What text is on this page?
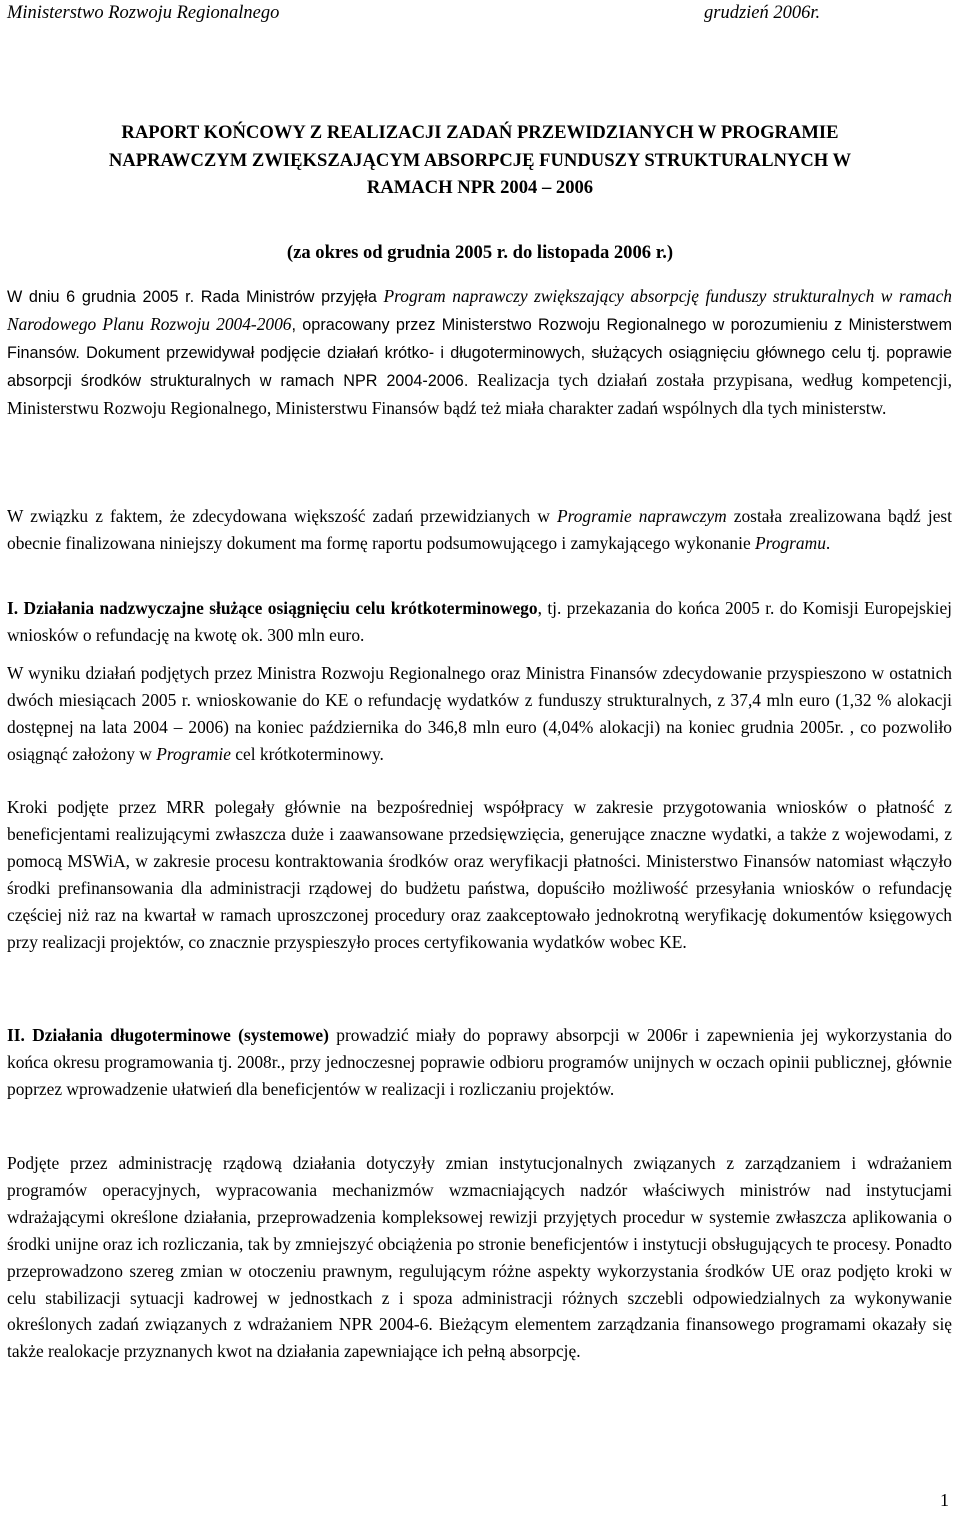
Ministerstwo Rozwoju Regionalnego	grudzień 2006r.
RAPORT KOŃCOWY Z REALIZACJI ZADAŃ PRZEWIDZIANYCH W PROGRAMIE
NAPRAWCZYM ZWIĘKSZAJĄCYM ABSORPCJĘ FUNDUSZY STRUKTURALNYCH W
RAMACH NPR 2004 – 2006
(za okres od grudnia 2005 r. do listopada 2006 r.)

W dniu 6 grudnia 2005 r. Rada Ministrów przyjęła Program naprawczy zwiększający absorpcję funduszy strukturalnych w ramach Narodowego Planu Rozwoju 2004-2006, opracowany przez Ministerstwo Rozwoju Regionalnego w porozumieniu z Ministerstwem Finansów. Dokument przewidywał podjęcie działań krótko- i długoterminowych, służących osiągnięciu głównego celu tj. poprawie absorpcji środków strukturalnych w ramach NPR 2004-2006. Realizacja tych działań została przypisana, według kompetencji, Ministerstwu Rozwoju Regionalnego, Ministerstwu Finansów bądź też miała charakter zadań wspólnych dla tych ministerstw.

W związku z faktem, że zdecydowana większość zadań przewidzianych w Programie naprawczym została zrealizowana bądź jest obecnie finalizowana niniejszy dokument ma formę raportu podsumowującego i zamykającego wykonanie Programu.

I. Działania nadzwyczajne służące osiągnięciu celu krótkoterminowego, tj. przekazania do końca 2005 r. do Komisji Europejskiej wniosków o refundację na kwotę ok. 300 mln euro.

W wyniku działań podjętych przez Ministra Rozwoju Regionalnego oraz Ministra Finansów zdecydowanie przyspieszono w ostatnich dwóch miesiącach 2005 r. wnioskowanie do KE o refundację wydatków z funduszy strukturalnych, z 37,4 mln euro (1,32 % alokacji dostępnej na lata 2004 – 2006) na koniec października do 346,8 mln euro (4,04% alokacji) na koniec grudnia 2005r. , co pozwoliło osiągnąć założony w Programie cel krótkoterminowy.

Kroki podjęte przez MRR polegały głównie na bezpośredniej współpracy w zakresie przygotowania wniosków o płatność z beneficjentami realizującymi zwłaszcza duże i zaawansowane przedsięwzięcia, generujące znaczne wydatki, a także z wojewodami, z pomocą MSWiA, w zakresie procesu kontraktowania środków oraz weryfikacji płatności. Ministerstwo Finansów natomiast włączyło środki prefinansowania dla administracji rządowej do budżetu państwa, dopuściło możliwość przesyłania wniosków o refundację częściej niż raz na kwartał w ramach uproszczonej procedury oraz zaakceptowało jednokrotną weryfikację dokumentów księgowych przy realizacji projektów, co znacznie przyspieszyło proces certyfikowania wydatków wobec KE.

II. Działania długoterminowe (systemowe) prowadzić miały do poprawy absorpcji w 2006r i zapewnienia jej wykorzystania do końca okresu programowania tj. 2008r., przy jednoczesnej poprawie odbioru programów unijnych w oczach opinii publicznej, głównie poprzez wprowadzenie ułatwień dla beneficjentów w realizacji i rozliczaniu projektów.

Podjęte przez administrację rządową działania dotyczyły zmian instytucjonalnych związanych z zarządzaniem i wdrażaniem programów operacyjnych, wypracowania mechanizmów wzmacniających nadzór właściwych ministrów nad instytucjami wdrażającymi określone działania, przeprowadzenia kompleksowej rewizji przyjętych procedur w systemie zwłaszcza aplikowania o środki unijne oraz ich rozliczania, tak by zmniejszyć obciążenia po stronie beneficjentów i instytucji obsługujących te procesy. Ponadto przeprowadzono szereg zmian w otoczeniu prawnym, regulującym różne aspekty wykorzystania środków UE oraz podjęto kroki w celu stabilizacji sytuacji kadrowej w jednostkach z i spoza administracji różnych szczebli odpowiedzialnych za wykonywanie określonych zadań związanych z wdrażaniem NPR 2004-6. Bieżącym elementem zarządzania finansowego programami okazały się także realokacje przyznanych kwot na działania zapewniające ich pełną absorpcję.

1
